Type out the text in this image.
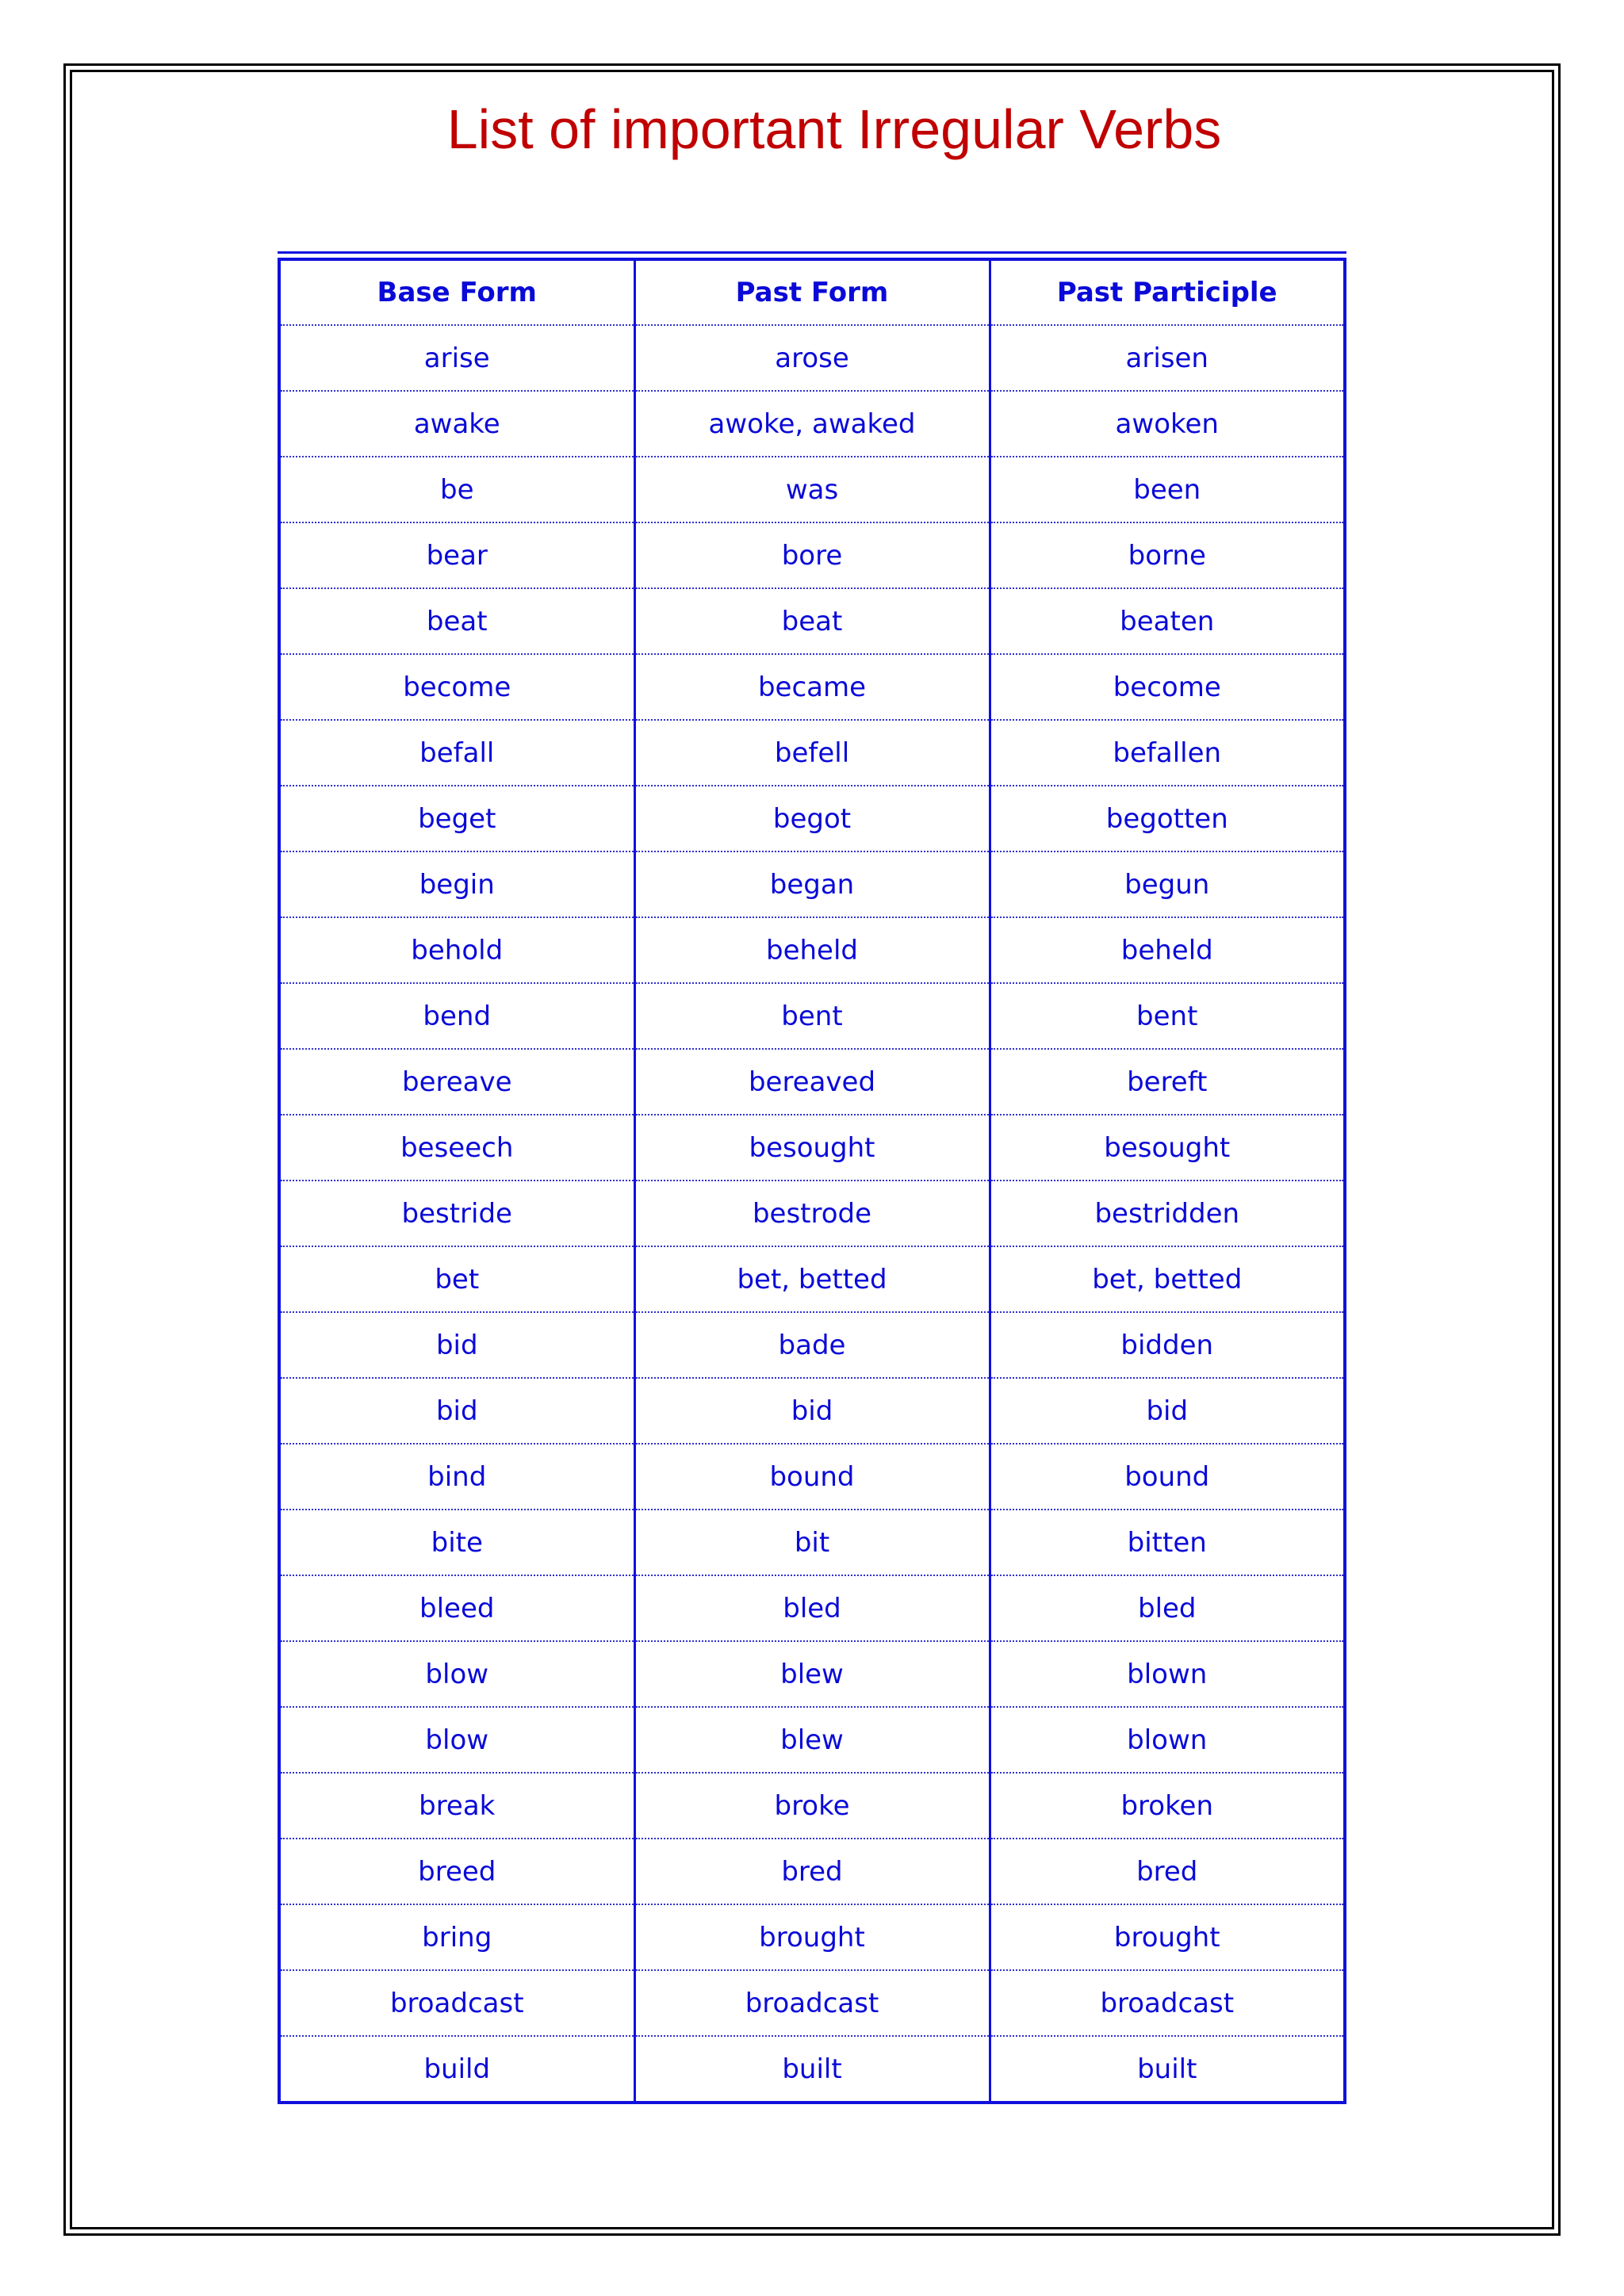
List of important Irregular Verbs
Base Form	Past Form	Past Participle
arise	arose	arisen
awake	awoke, awaked	awoken
be	was	been
bear	bore	borne
beat	beat	beaten
become	became	become
befall	befell	befallen
beget	begot	begotten
begin	began	begun
behold	beheld	beheld
bend	bent	bent
bereave	bereaved	bereft
beseech	besought	besought
bestride	bestrode	bestridden
bet	bet, betted	bet, betted
bid	bade	bidden
bid	bid	bid
bind	bound	bound
bite	bit	bitten
bleed	bled	bled
blow	blew	blown
blow	blew	blown
break	broke	broken
breed	bred	bred
bring	brought	brought
broadcast	broadcast	broadcast
build	built	built
